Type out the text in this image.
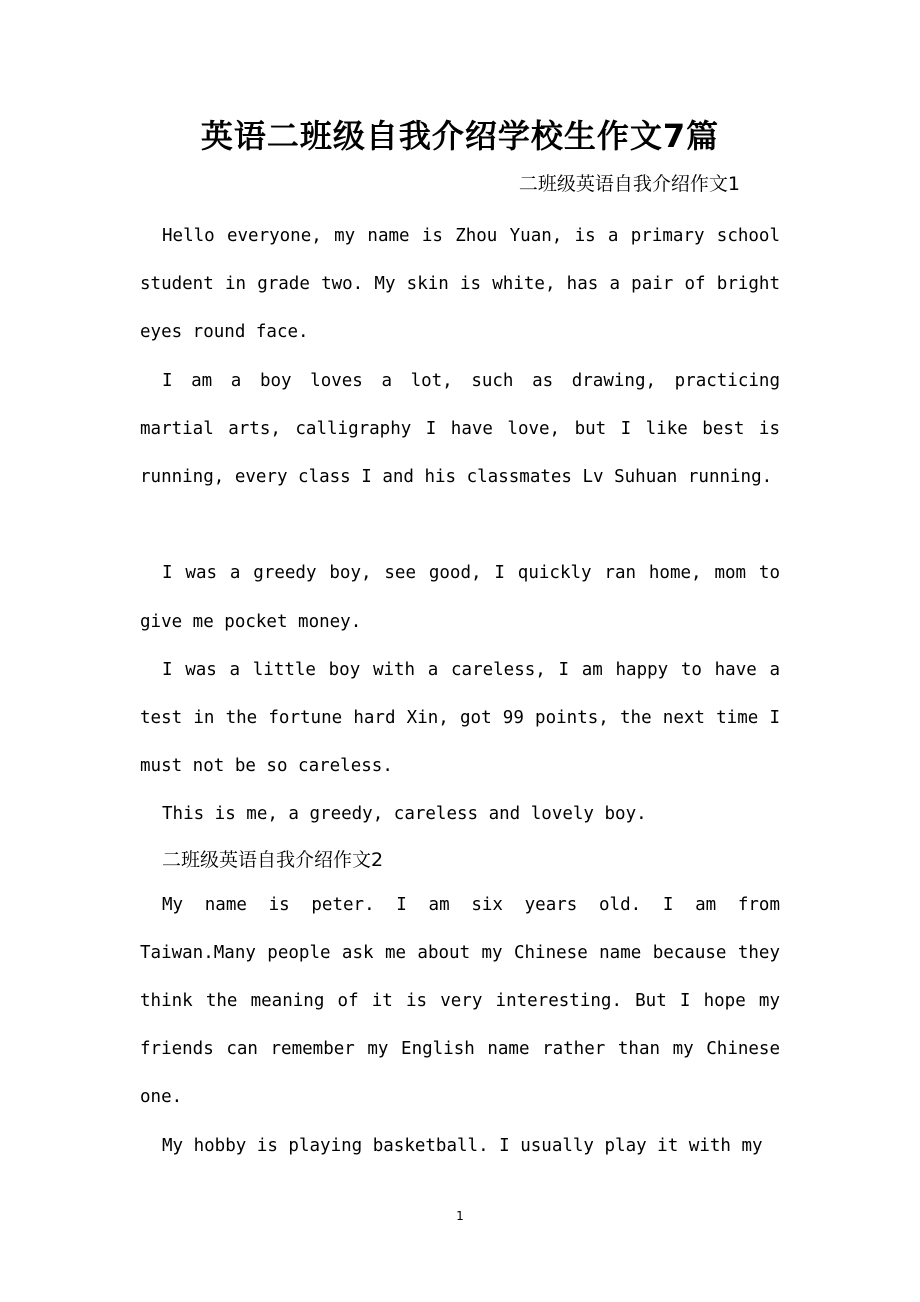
英语二班级自我介绍学校生作文7篇
二班级英语自我介绍作文1

Hello everyone, my name is Zhou Yuan, is a primary school student in grade two. My skin is white, has a pair of bright eyes round face.

I am a boy loves a lot, such as drawing, practicing martial arts, calligraphy I have love, but I like best is running, every class I and his classmates Lv Suhuan running.

I was a greedy boy, see good, I quickly ran home, mom to give me pocket money.

I was a little boy with a careless, I am happy to have a test in the fortune hard Xin, got 99 points, the next time I must not be so careless.

This is me, a greedy, careless and lovely boy.

二班级英语自我介绍作文2

My name is peter. I am six years old. I am from Taiwan.Many people ask me about my Chinese name because they think the meaning of it is very interesting. But I hope my friends can remember my English name rather than my Chinese one.

My hobby is playing basketball. I usually play it with my

1
